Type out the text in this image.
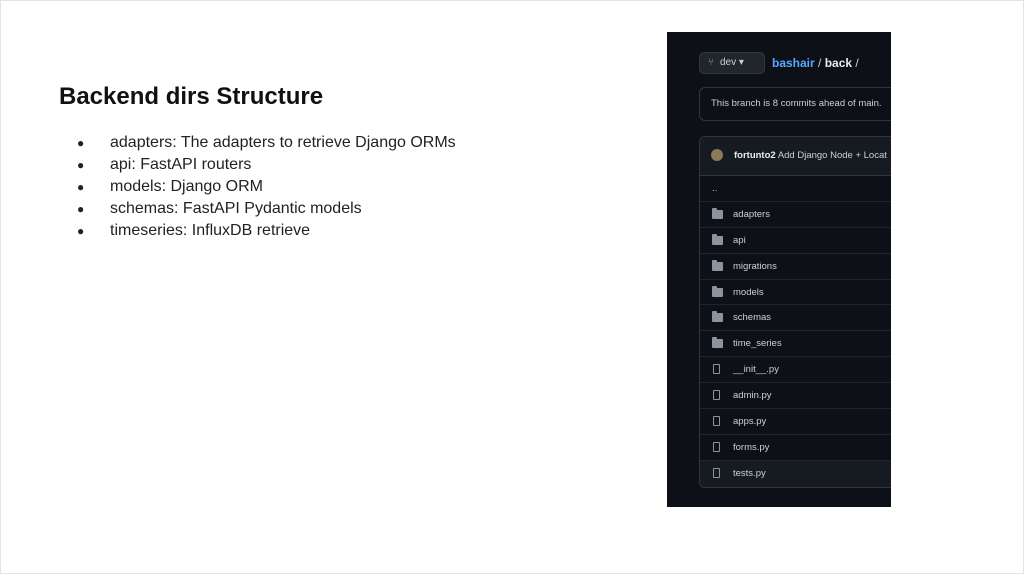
Backend dirs Structure
● adapters: The adapters to retrieve Django ORMs
● api: FastAPI routers
● models: Django ORM
● schemas: FastAPI Pydantic models
● timeseries: InfluxDB retrieve
⑂ dev ▾	bashair / back /
This branch is 8 commits ahead of main.
fortunto2 Add Django Node + Locat
..
adapters
api
migrations
models
schemas
time_series
__init__.py
admin.py
apps.py
forms.py
tests.py
